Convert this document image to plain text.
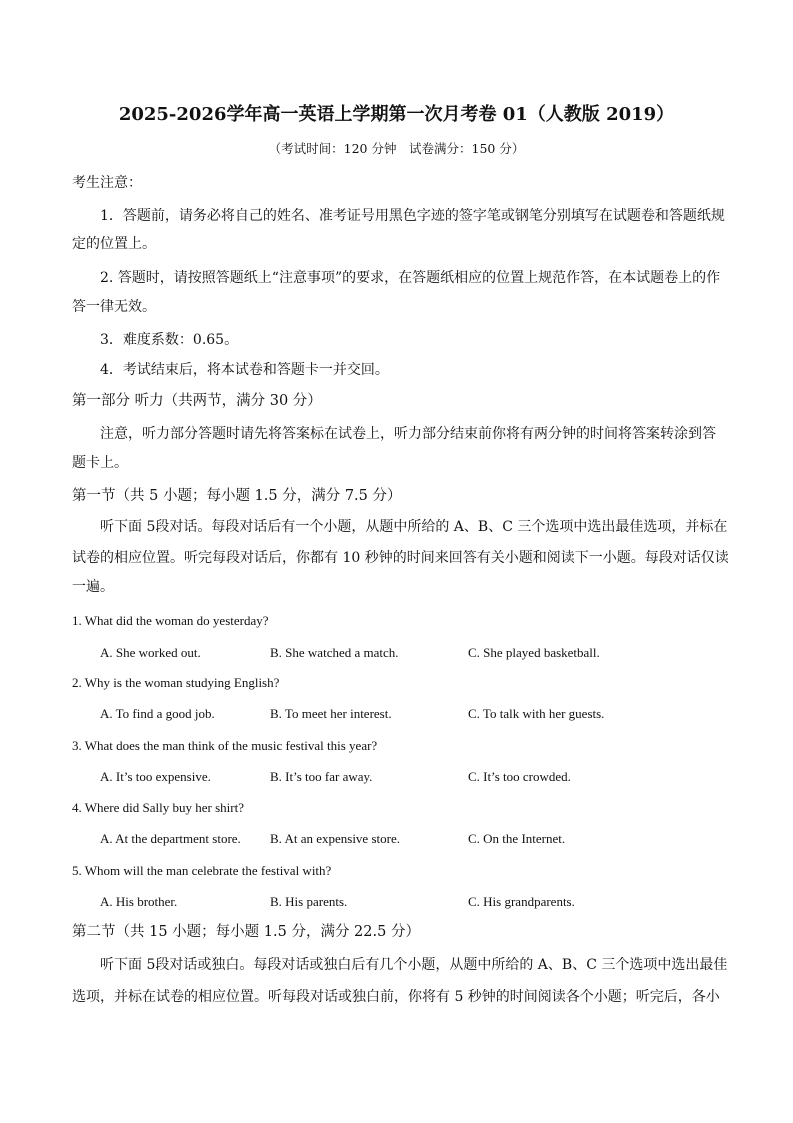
2025-2026学年高一英语上学期第一次月考卷 01（人教版 2019）
（考试时间：120 分钟　试卷满分：150 分）
考生注意：
1．答题前，请务必将自己的姓名、准考证号用黑色字迹的签字笔或钢笔分别填写在试题卷和答题纸规
定的位置上。
2. 答题时，请按照答题纸上“注意事项”的要求，在答题纸相应的位置上规范作答，在本试题卷上的作
答一律无效。
3．难度系数：0.65。
4．考试结束后，将本试卷和答题卡一并交回。
第一部分 听力（共两节，满分 30 分）
注意，听力部分答题时请先将答案标在试卷上，听力部分结束前你将有两分钟的时间将答案转涂到答
题卡上。
第一节（共 5 小题；每小题 1.5 分，满分 7.5 分）
听下面 5段对话。每段对话后有一个小题，从题中所给的 A、B、C 三个选项中选出最佳选项，并标在
试卷的相应位置。听完每段对话后，你都有 10 秒钟的时间来回答有关小题和阅读下一小题。每段对话仅读
一遍。
1. What did the woman do yesterday?
A. She worked out.	B. She watched a match.	C. She played basketball.
2. Why is the woman studying English?
A. To find a good job.	B. To meet her interest.	C. To talk with her guests.
3. What does the man think of the music festival this year?
A. It’s too expensive.	B. It’s too far away.	C. It’s too crowded.
4. Where did Sally buy her shirt?
A. At the department store. B. At an expensive store.	C. On the Internet.
5. Whom will the man celebrate the festival with?
A. His brother.	B. His parents.	C. His grandparents.
第二节（共 15 小题；每小题 1.5 分，满分 22.5 分）
听下面 5段对话或独白。每段对话或独白后有几个小题，从题中所给的 A、B、C 三个选项中选出最佳
选项，并标在试卷的相应位置。听每段对话或独白前，你将有 5 秒钟的时间阅读各个小题；听完后，各小
